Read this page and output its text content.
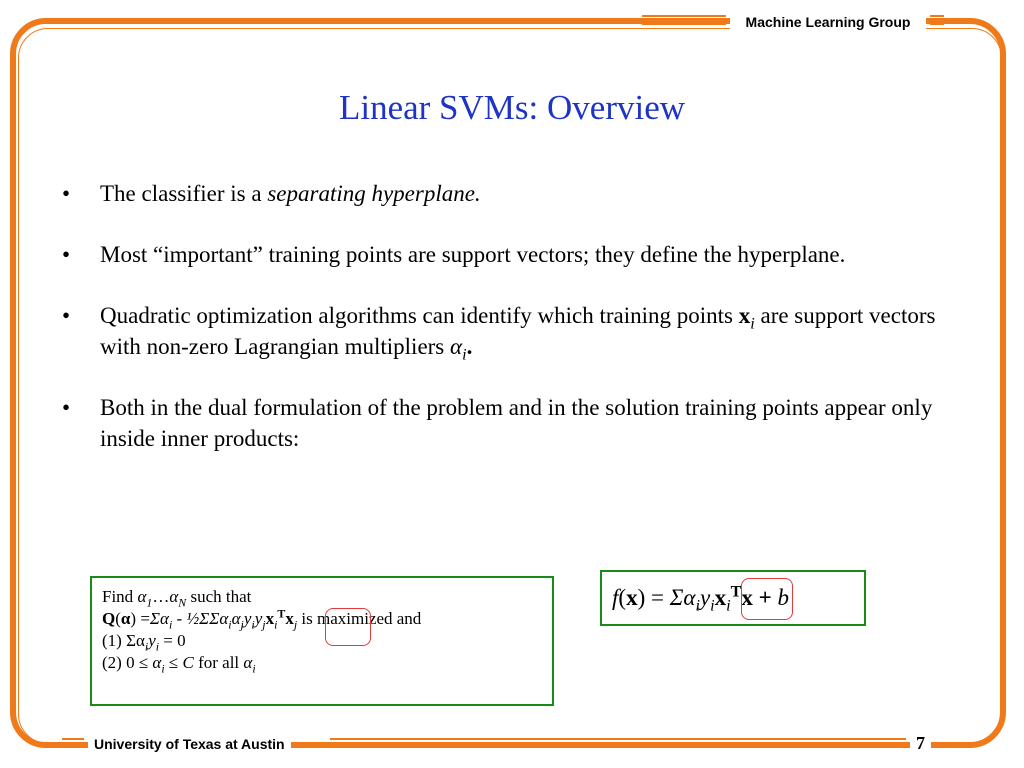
Machine Learning Group
University of Texas at Austin	7
Linear SVMs: Overview
• The classifier is a separating hyperplane.
• Most “important” training points are support vectors; they define the hyperplane.
• Quadratic optimization algorithms can identify which training points $x_i$ are support vectors with non-zero Lagrangian multipliers $\alpha_i$.
• Both in the dual formulation of the problem and in the solution training points appear only inside inner products:
Find $\alpha_1\dots\alpha_N$ such that
$Q(\alpha) =\Sigma\alpha_i$ - $\frac{1}{2}\Sigma\Sigma\alpha_i\alpha_jy_iy_jx_i^Tx_j$ is maximized and
(1) $\Sigma\alpha_iy_i = 0$
(2) $0 \le \alpha_i \le C$ for all $\alpha_i$
$f(x) = \Sigma\alpha_iy_ix_i^Tx + b$
